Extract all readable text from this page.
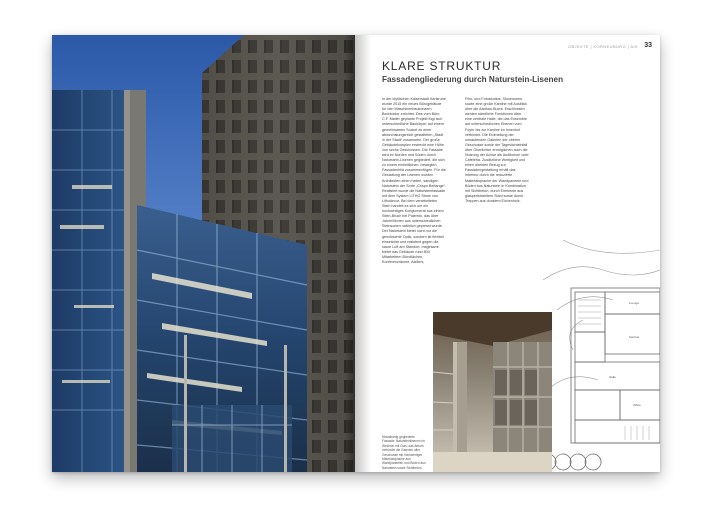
OBJEKTE | KORNEUBURG | AIK 33
KLARE STRUKTUR
Fassadengliederung durch Naturstein-Lisenen

In der idyllischen Kaiserstadt Karlsruhe wurde 2015 ein neues Bürogebäude für den Maschinenbaukonzern Bechtolder errichtet. Das vom Büro C.F. Møller geplante Projekt fügt sich unterschiedliche Baukörper auf einem gemeinsamen Sockel zu einer abwechslungsreich gestalteten „Stadt in der Stadt“ zusammen. Der große Gebäudekomplex erstreckt eine Höhe von sechs Geschossen. Die Fassade wird im Norden und Süden durch Naturstein-Lisenen gegliedert, die sich zu einem einheitlichen, bewegten Fassadenbild zusammenfügen. Für die Gestaltung der Lisenen wurden Architekten einen hellen, sandigen Naturstein der Sorte „Crispo Bettange“. Realisiert wurde die Natursteinfassade mit dem System LITHO Stone von Lithodecor. Bei dem verarbeiteten Stein handelt es sich um ein hochwertiges Konglomerat aus einem Stein-Bruch bei Palermo, das über Jahrmillionen aus unterschiedlichen Steinsorten natürlich gepresst wurde. Der Naturstein bietet nicht nur die gewünschte Optik, sondern ist flexibel einsetzbar und resistent gegen die saure Luft am Standort. Insgesamt bietet das Gebäude rund 800 Mitarbeitern Büroflächen, Konferenzräume, Ateliers,

Film- und Fotostudios, Showrooms sowie eine große Kantine mit Ausblick über die Aadhan-Bucht. Erschlossen werden sämtliche Funktionen über eine zentrale Halle, die das Ensemble auf unterschiedlichen Ebenen vom Foyer bis zur Kantine im Innenhof verbindet. Die Erdmeilung der umlaufenden Galerien der oberen Geschosse sowie der Tageslichteinfall über Oberlichter ermöglichen auch die Nutzung der Achse als Auditorium oder Cafeteria. Zusätzliche Wertigkeit und einen direkten Bezug zur Fassadengestaltung erhält das Interieur durch die reduzierte Materialsprache der Wandpaneele und Böden aus Naturstein in Kombination mit Sichtbeton, durch Elemente aus glasperlstrahltem Stahl sowie durch Treppen aus dunklem Eichenholz.

Lounge
Kantine
Halle
Office

Mosaikartig gegliederte Fassade: Natursteinlisenen im Wechsel mit Glas; das Atrium verbindet die Galerien aller Geschosse mit hochwertiger Materialsprache aus Wandpaneelen und Böden aus Naturstein sowie Sichtbeton.
